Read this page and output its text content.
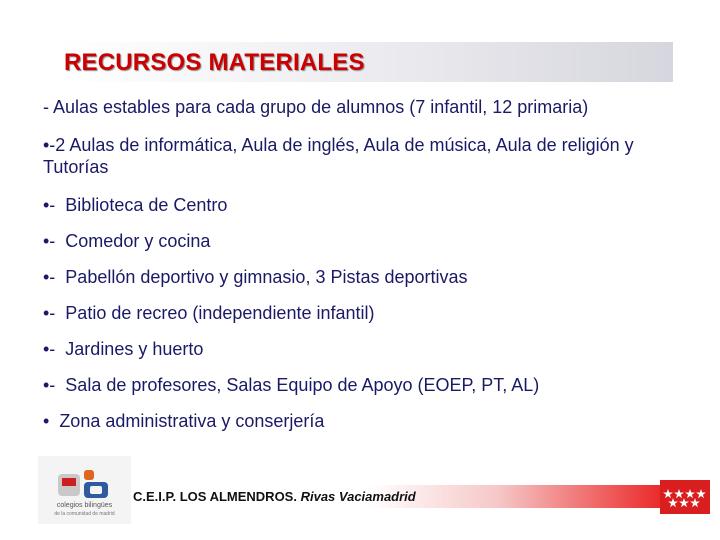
RECURSOS MATERIALES
- Aulas estables para cada grupo de alumnos (7 infantil, 12 primaria)
•-2 Aulas de informática, Aula de inglés, Aula de música, Aula de religión y Tutorías
•- Biblioteca de Centro
•- Comedor y cocina
•- Pabellón deportivo y gimnasio, 3 Pistas deportivas
•- Patio de recreo (independiente infantil)
•- Jardines y huerto
•- Sala de profesores, Salas Equipo de Apoyo (EOEP, PT, AL)
• Zona administrativa y conserjería
colegios bilingües
de la comunidad de madrid
C.E.I.P. LOS ALMENDROS. Rivas Vaciamadrid
